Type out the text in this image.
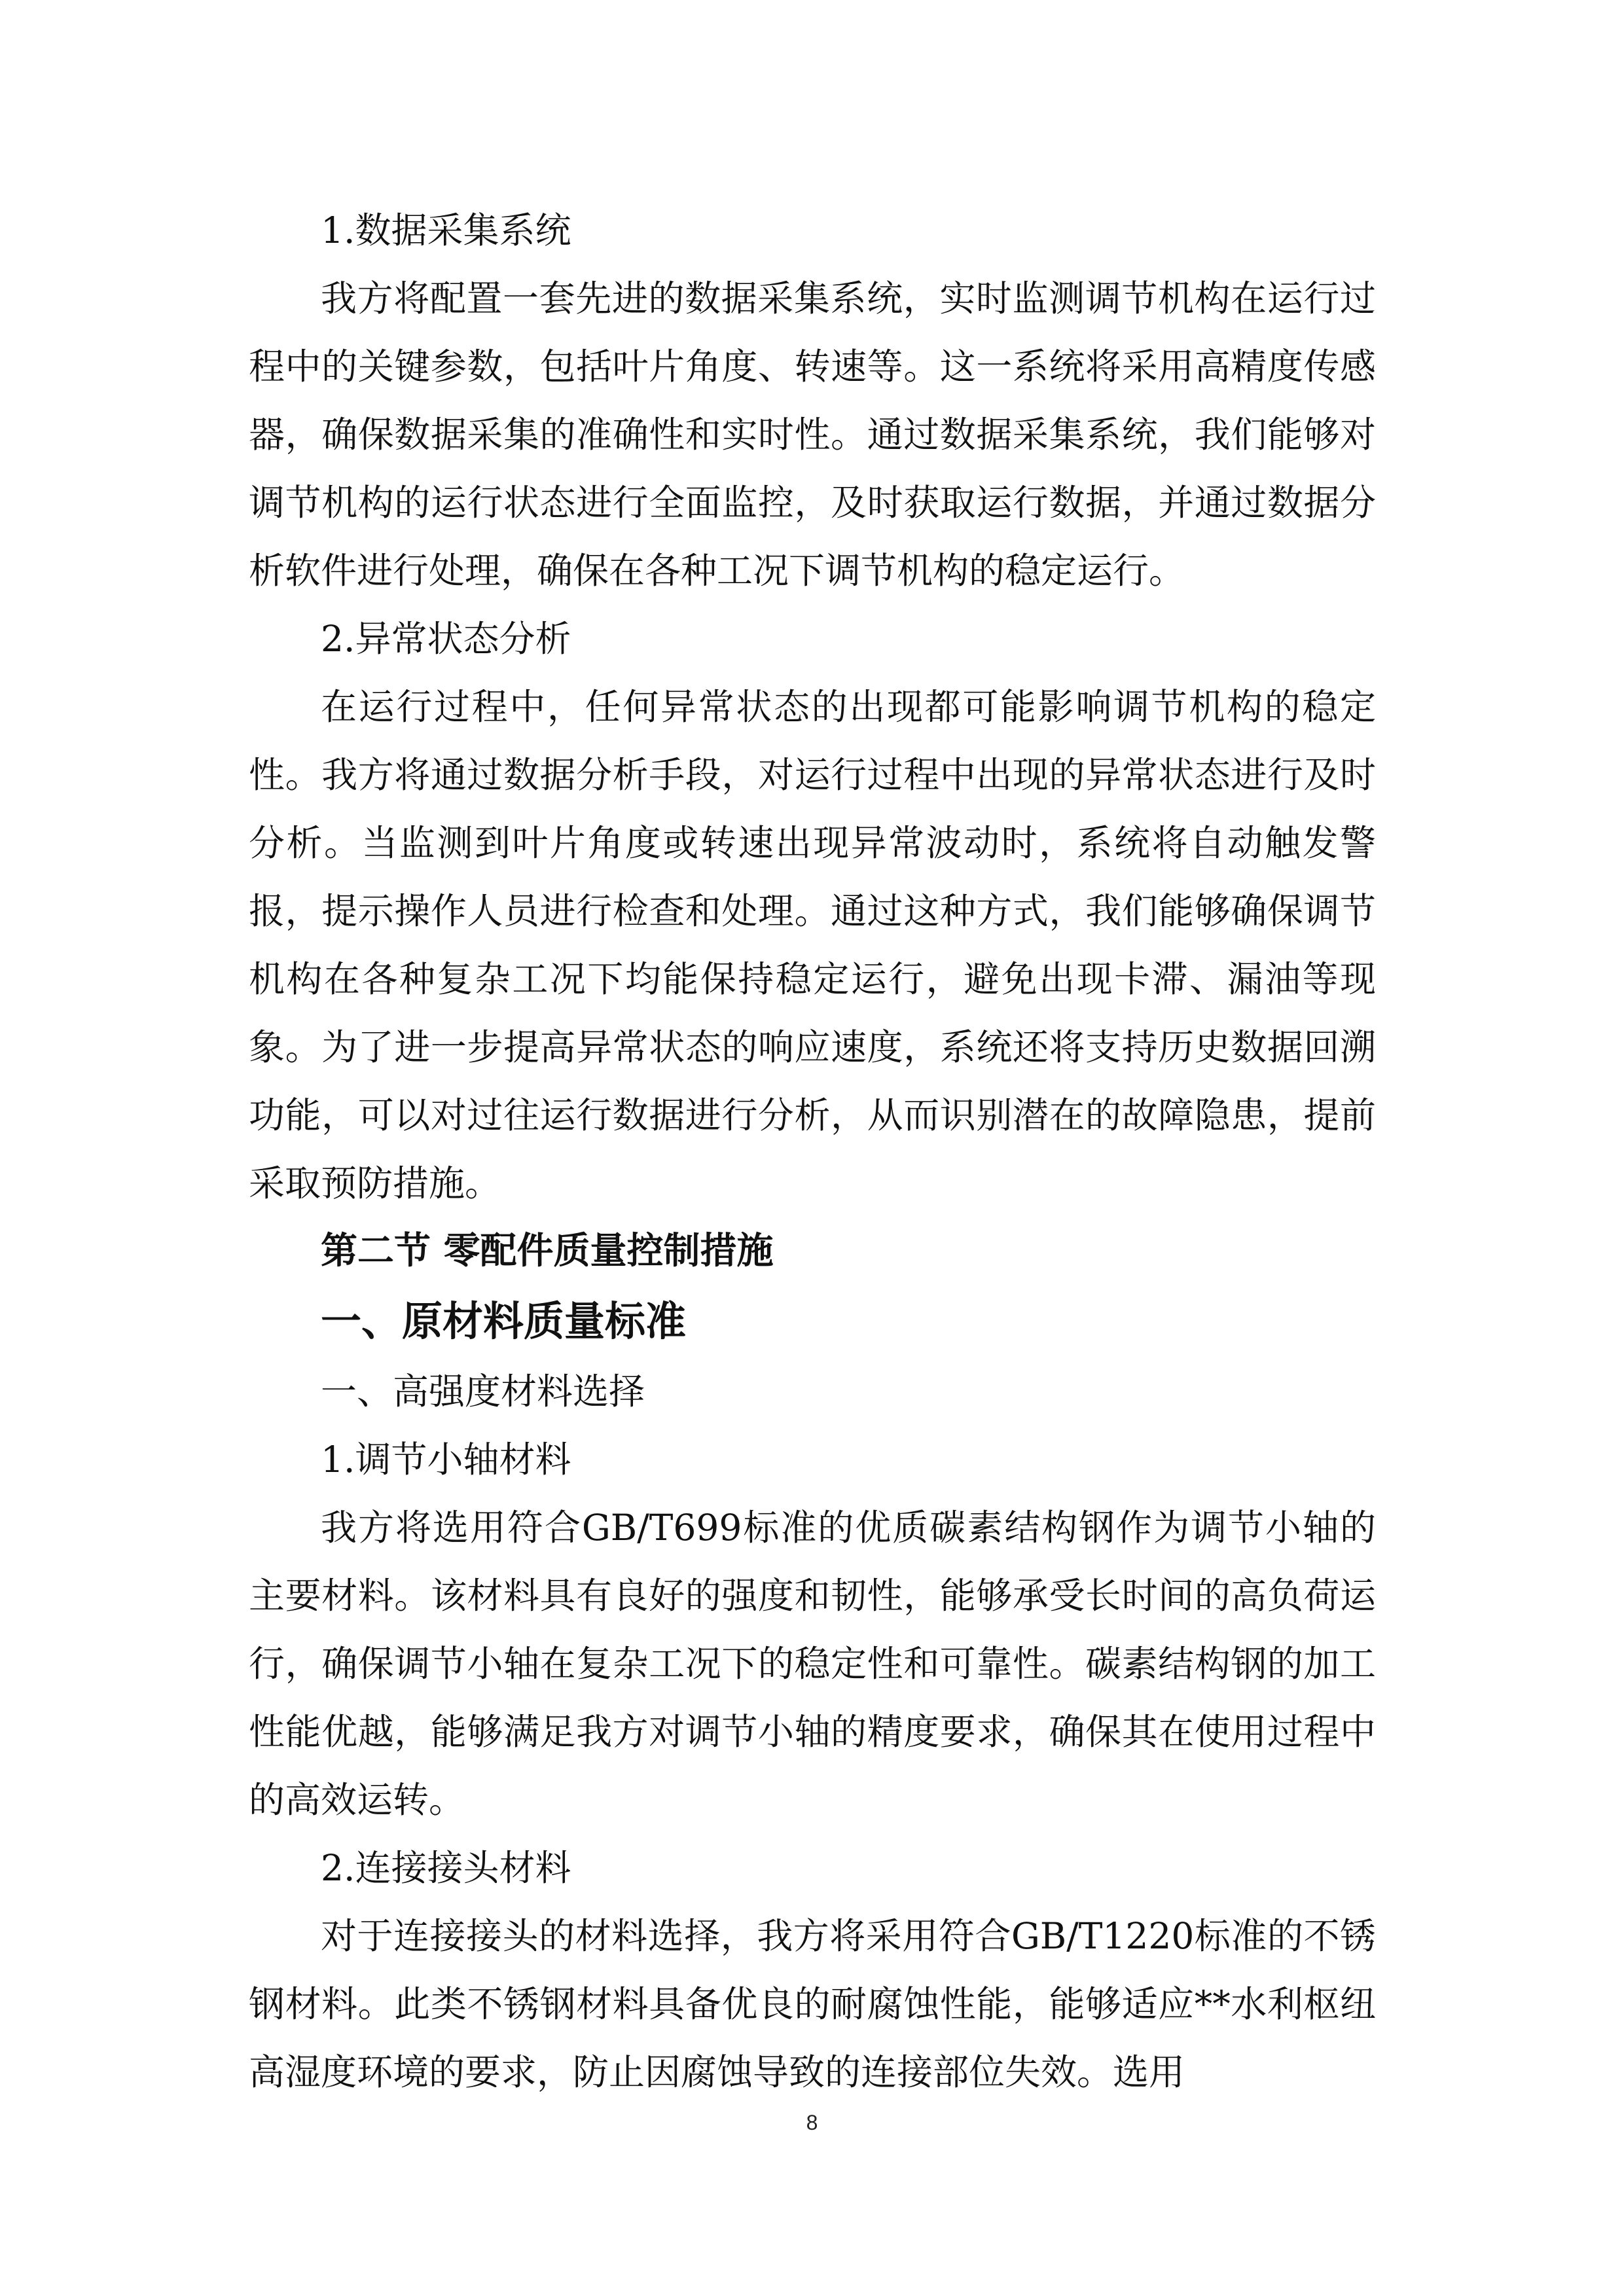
1.数据采集系统

我方将配置一套先进的数据采集系统，实时监测调节机构在运行过程中的关键参数，包括叶片角度、转速等。这一系统将采用高精度传感器，确保数据采集的准确性和实时性。通过数据采集系统，我们能够对调节机构的运行状态进行全面监控，及时获取运行数据，并通过数据分析软件进行处理，确保在各种工况下调节机构的稳定运行。

2.异常状态分析

在运行过程中，任何异常状态的出现都可能影响调节机构的稳定性。我方将通过数据分析手段，对运行过程中出现的异常状态进行及时分析。当监测到叶片角度或转速出现异常波动时，系统将自动触发警报，提示操作人员进行检查和处理。通过这种方式，我们能够确保调节机构在各种复杂工况下均能保持稳定运行，避免出现卡滞、漏油等现象。为了进一步提高异常状态的响应速度，系统还将支持历史数据回溯功能，可以对过往运行数据进行分析，从而识别潜在的故障隐患，提前采取预防措施。

第二节 零配件质量控制措施

一、原材料质量标准

一、高强度材料选择

1.调节小轴材料

我方将选用符合GB/T699标准的优质碳素结构钢作为调节小轴的主要材料。该材料具有良好的强度和韧性，能够承受长时间的高负荷运行，确保调节小轴在复杂工况下的稳定性和可靠性。碳素结构钢的加工性能优越，能够满足我方对调节小轴的精度要求，确保其在使用过程中的高效运转。

2.连接接头材料

对于连接接头的材料选择，我方将采用符合GB/T1220标准的不锈钢材料。此类不锈钢材料具备优良的耐腐蚀性能，能够适应**水利枢纽高湿度环境的要求，防止因腐蚀导致的连接部位失效。选用

8
